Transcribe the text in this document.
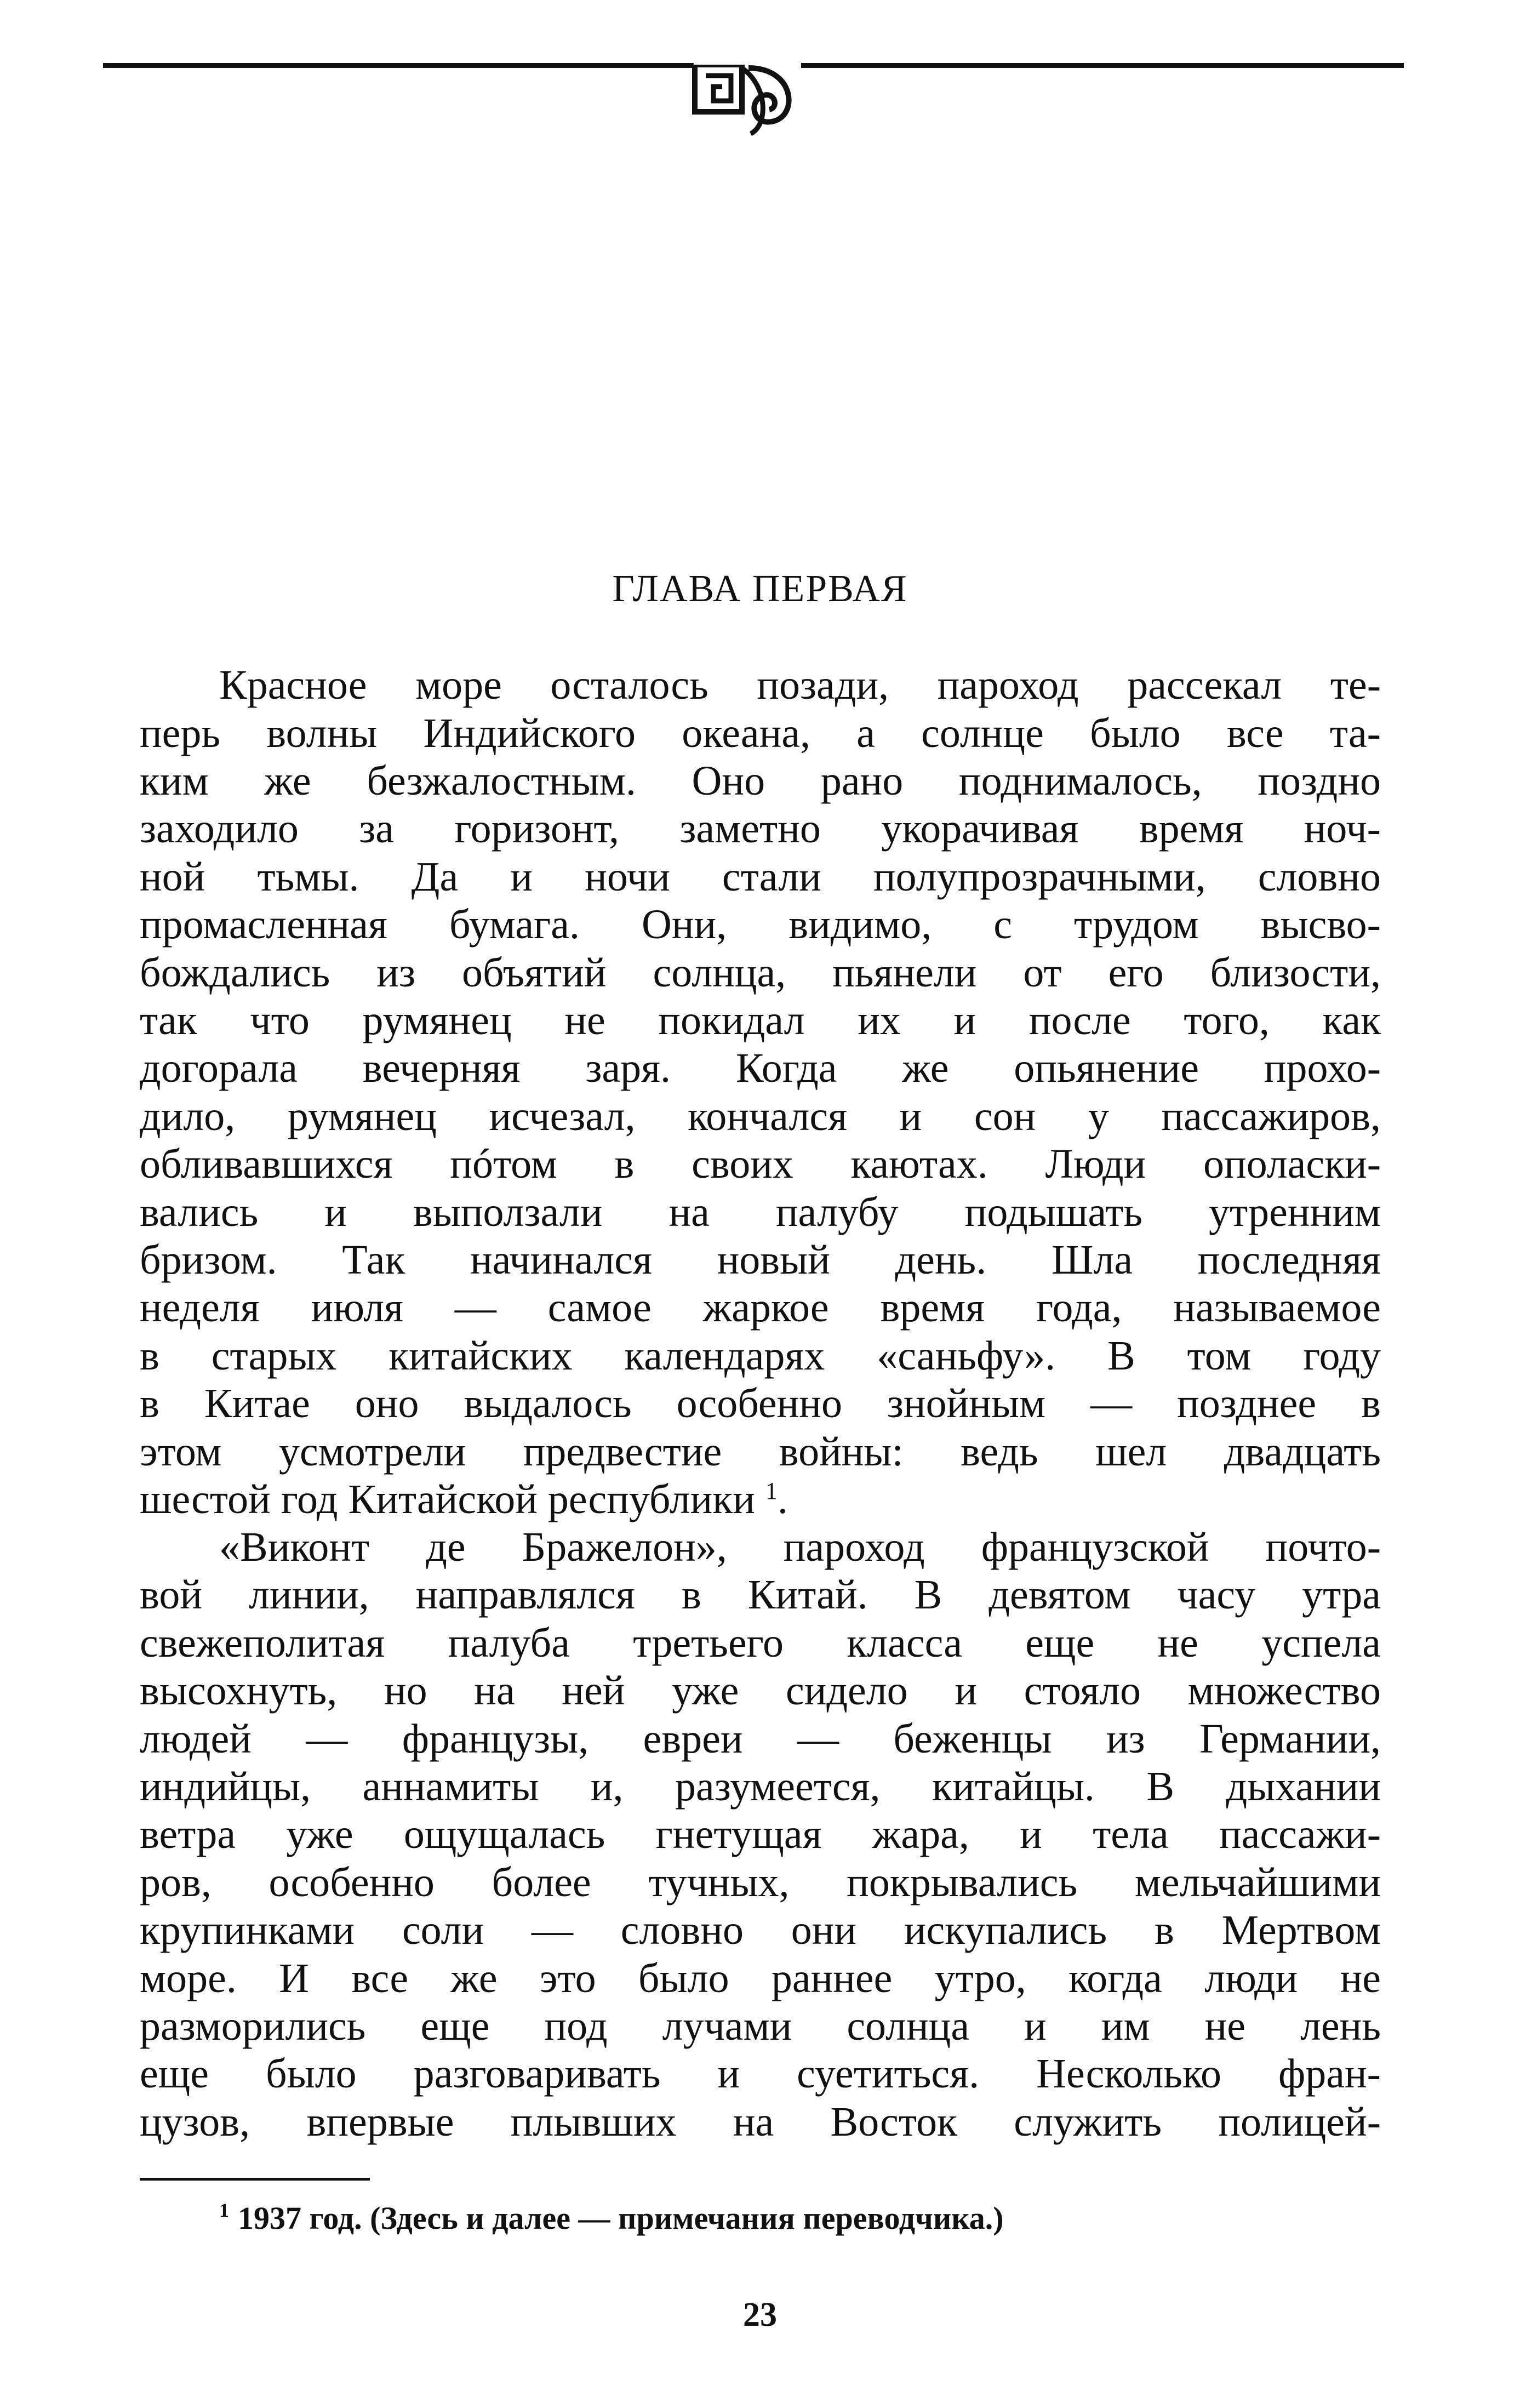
ГЛАВА ПЕРВАЯ
Красное море осталось позади, пароход рассекал те-
перь волны Индийского океана, а солнце было все та-
ким же безжалостным. Оно рано поднималось, поздно
заходило за горизонт, заметно укорачивая время ноч-
ной тьмы. Да и ночи стали полупрозрачными, словно
промасленная бумага. Они, видимо, с трудом высво-
бождались из объятий солнца, пьянели от его близости,
так что румянец не покидал их и после того, как
догорала вечерняя заря. Когда же опьянение прохо-
дило, румянец исчезал, кончался и сон у пассажиров,
обливавшихся пóтом в своих каютах. Люди ополаски-
вались и выползали на палубу подышать утренним
бризом. Так начинался новый день. Шла последняя
неделя июля — самое жаркое время года, называемое
в старых китайских календарях «саньфу». В том году
в Китае оно выдалось особенно знойным — позднее в
этом усмотрели предвестие войны: ведь шел двадцать
шестой год Китайской республики $^1$.
«Виконт де Бражелон», пароход французской почто-
вой линии, направлялся в Китай. В девятом часу утра
свежеполитая палуба третьего класса еще не успела
высохнуть, но на ней уже сидело и стояло множество
людей — французы, евреи — беженцы из Германии,
индийцы, аннамиты и, разумеется, китайцы. В дыхании
ветра уже ощущалась гнетущая жара, и тела пассажи-
ров, особенно более тучных, покрывались мельчайшими
крупинками соли — словно они искупались в Мертвом
море. И все же это было раннее утро, когда люди не
разморились еще под лучами солнца и им не лень
еще было разговаривать и суетиться. Несколько фран-
цузов, впервые плывших на Восток служить полицей-
$^1$ 1937 год. (Здесь и далее — примечания переводчика.)
23
